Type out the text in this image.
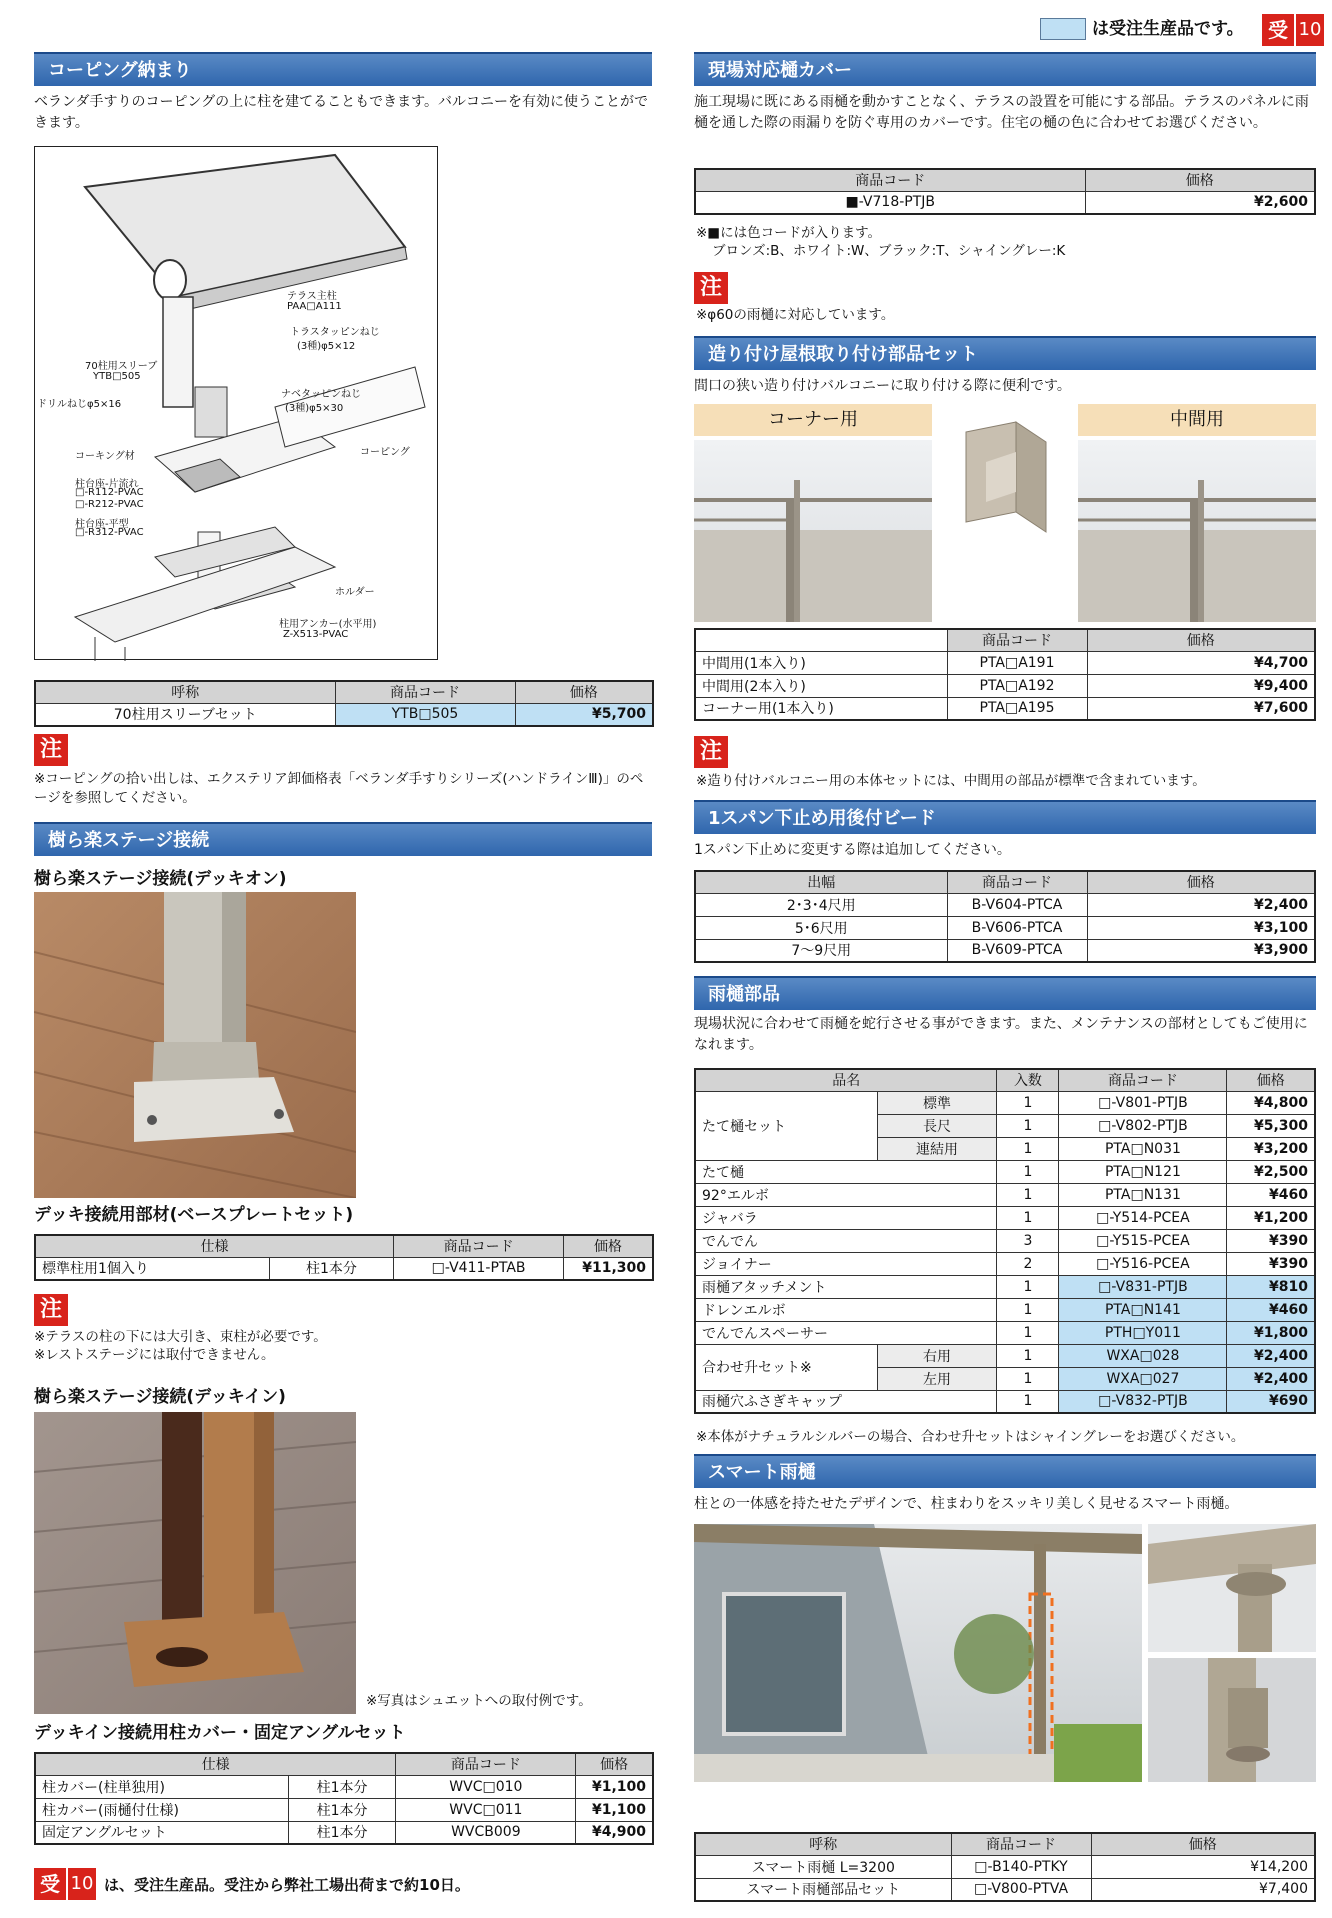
は受注生産品です。	受 10
コーピング納まり
ベランダ手すりのコーピングの上に柱を建てることもできます。バルコニーを有効に使うことができます。
テラス主柱
PAA□A111
トラスタッピンねじ
(3種)φ5×12
70柱用スリーブ
YTB□505
ドリルねじφ5×16
ナベタッピンねじ
(3種)φ5×30
コーキング材	コーピング
柱台座-片流れ
□-R112-PVAC
□-R212-PVAC
柱台座-平型
□-R312-PVAC
ホルダー
柱用アンカー(水平用)
Z-X513-PVAC
呼称	商品コード	価格
70柱用スリーブセット	YTB□505	¥5,700
注
※コーピングの拾い出しは、エクステリア卸価格表「ベランダ手すりシリーズ(ハンドラインⅢ)」のページを参照してください。
樹ら楽ステージ接続
樹ら楽ステージ接続(デッキオン)
デッキ接続用部材(ベースプレートセット)
仕様		商品コード	価格
標準柱用1個入り	柱1本分	□-V411-PTAB	¥11,300
注
※テラスの柱の下には大引き、束柱が必要です。
※レストステージには取付できません。
樹ら楽ステージ接続(デッキイン)
※写真はシュエットへの取付例です。
デッキイン接続用柱カバー・固定アングルセット
仕様		商品コード	価格
柱カバー(柱単独用)	柱1本分	WVC□010	¥1,100
柱カバー(雨樋付仕様)	柱1本分	WVC□011	¥1,100
固定アングルセット	柱1本分	WVCB009	¥4,900
受 10 は、受注生産品。受注から弊社工場出荷まで約10日。
現場対応樋カバー
施工現場に既にある雨樋を動かすことなく、テラスの設置を可能にする部品。テラスのパネルに雨樋を通した際の雨漏りを防ぐ専用のカバーです。住宅の樋の色に合わせてお選びください。
商品コード	価格
■-V718-PTJB	¥2,600
※■には色コードが入ります。
ブロンズ:B、ホワイト:W、ブラック:T、シャイングレー:K
注
※φ60の雨樋に対応しています。
造り付け屋根取り付け部品セット
間口の狭い造り付けバルコニーに取り付ける際に便利です。
コーナー用	中間用
	商品コード	価格
中間用(1本入り)	PTA□A191	¥4,700
中間用(2本入り)	PTA□A192	¥9,400
コーナー用(1本入り)	PTA□A195	¥7,600
注
※造り付けバルコニー用の本体セットには、中間用の部品が標準で含まれています。
1スパン下止め用後付ビード
1スパン下止めに変更する際は追加してください。
出幅	商品コード	価格
2･3･4尺用	B-V604-PTCA	¥2,400
5･6尺用	B-V606-PTCA	¥3,100
7～9尺用	B-V609-PTCA	¥3,900
雨樋部品
現場状況に合わせて雨樋を蛇行させる事ができます。また、メンテナンスの部材としてもご使用になれます。
品名		入数	商品コード	価格
たて樋セット	標準	1	□-V801-PTJB	¥4,800
	長尺	1	□-V802-PTJB	¥5,300
	連結用	1	PTA□N031	¥3,200
たて樋		1	PTA□N121	¥2,500
92°エルボ		1	PTA□N131	¥460
ジャバラ		1	□-Y514-PCEA	¥1,200
でんでん		3	□-Y515-PCEA	¥390
ジョイナー		2	□-Y516-PCEA	¥390
雨樋アタッチメント		1	□-V831-PTJB	¥810
ドレンエルボ		1	PTA□N141	¥460
でんでんスペーサー		1	PTH□Y011	¥1,800
合わせ升セット※	右用	1	WXA□028	¥2,400
	左用	1	WXA□027	¥2,400
雨樋穴ふさぎキャップ		1	□-V832-PTJB	¥690
※本体がナチュラルシルバーの場合、合わせ升セットはシャイングレーをお選びください。
スマート雨樋
柱との一体感を持たせたデザインで、柱まわりをスッキリ美しく見せるスマート雨樋。
呼称	商品コード	価格
スマート雨樋 L=3200	□-B140-PTKY	¥14,200
スマート雨樋部品セット	□-V800-PTVA	¥7,400
